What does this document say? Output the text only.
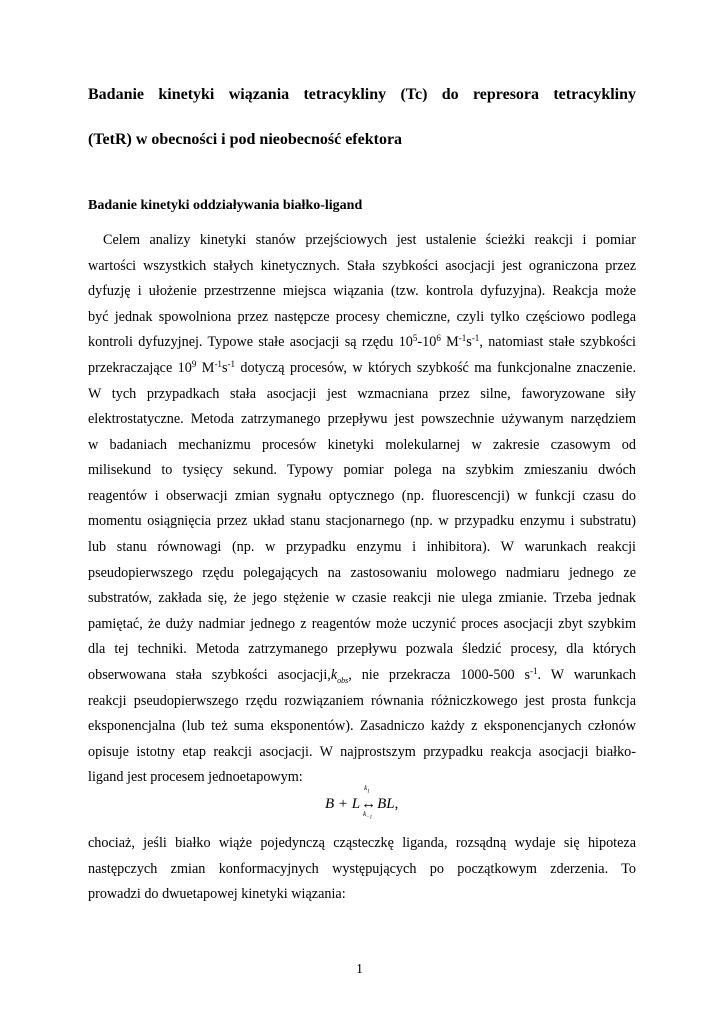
Badanie kinetyki wiązania tetracykliny (Tc) do represora tetracykliny
(TetR) w obecności i pod nieobecność efektora
Badanie kinetyki oddziaływania białko-ligand
Celem analizy kinetyki stanów przejściowych jest ustalenie ścieżki reakcji i pomiar
wartości wszystkich stałych kinetycznych. Stała szybkości asocjacji jest ograniczona przez
dyfuzję i ułożenie przestrzenne miejsca wiązania (tzw. kontrola dyfuzyjna). Reakcja może
być jednak spowolniona przez następcze procesy chemiczne, czyli tylko częściowo podlega
kontroli dyfuzyjnej. Typowe stałe asocjacji są rzędu $10^5-10^6$ $M^{-1}s^{-1}$, natomiast stałe szybkości
przekraczające $10^9$ $M^{-1}s^{-1}$ dotyczą procesów, w których szybkość ma funkcjonalne znaczenie.
W tych przypadkach stała asocjacji jest wzmacniana przez silne, faworyzowane siły
elektrostatyczne. Metoda zatrzymanego przepływu jest powszechnie używanym narzędziem
w badaniach mechanizmu procesów kinetyki molekularnej w zakresie czasowym od
milisekund to tysięcy sekund. Typowy pomiar polega na szybkim zmieszaniu dwóch
reagentów i obserwacji zmian sygnału optycznego (np. fluorescencji) w funkcji czasu do
momentu osiągnięcia przez układ stanu stacjonarnego (np. w przypadku enzymu i substratu)
lub stanu równowagi (np. w przypadku enzymu i inhibitora). W warunkach reakcji
pseudopierwszego rzędu polegających na zastosowaniu molowego nadmiaru jednego ze
substratów, zakłada się, że jego stężenie w czasie reakcji nie ulega zmianie. Trzeba jednak
pamiętać, że duży nadmiar jednego z reagentów może uczynić proces asocjacji zbyt szybkim
dla tej techniki. Metoda zatrzymanego przepływu pozwala śledzić procesy, dla których
obserwowana stała szybkości $asocjacji,k_{obs}$, nie przekracza 1000-500 $s^{-1}$. W warunkach
reakcji pseudopierwszego rzędu rozwiązaniem równania różniczkowego jest prosta funkcja
eksponencjalna (lub też suma eksponentów). Zasadniczo każdy z eksponencjanych członów
opisuje istotny etap reakcji asocjacji. W najprostszym przypadku reakcja asocjacji białko-
ligand jest procesem jednoetapowym:
B + L
$k_1$
↔
$k_{-1}$
BL,
chociaż, jeśli białko wiąże pojedynczą cząsteczkę liganda, rozsądną wydaje się hipoteza
następczych zmian konformacyjnych występujących po początkowym zderzenia. To
prowadzi do dwuetapowej kinetyki wiązania:
1
